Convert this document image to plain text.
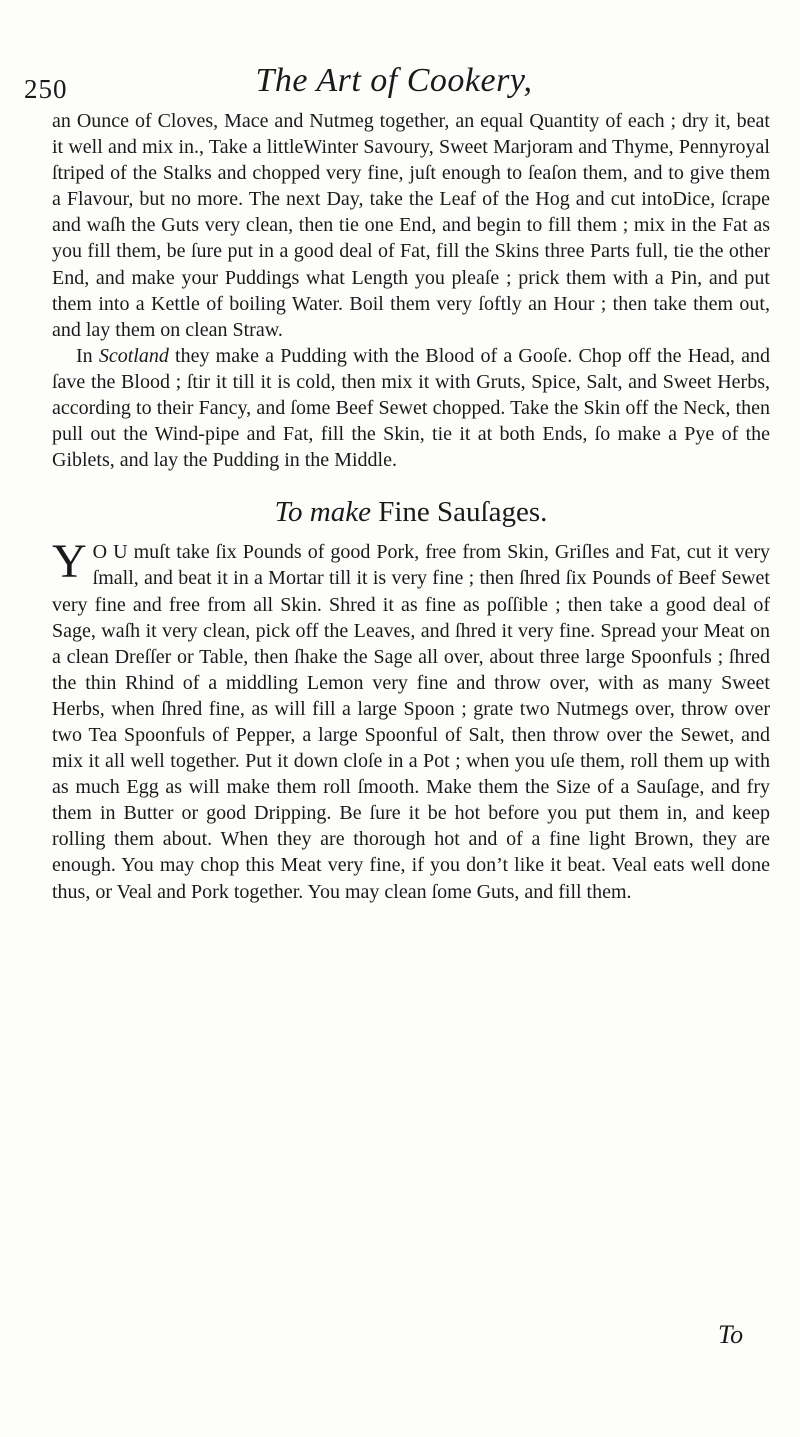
250	The Art of Cookery,

an Ounce of Cloves, Mace and Nutmeg together, an equal Quantity of each ; dry it, beat it well and mix in., Take a littleWinter Savoury, Sweet Marjoram and Thyme, Pennyroyal ſtriped of the Stalks and chopped very fine, juſt enough to ſeaſon them, and to give them a Flavour, but no more. The next Day, take the Leaf of the Hog and cut intoDice, ſcrape and waſh the Guts very clean, then tie one End, and begin to fill them ; mix in the Fat as you fill them, be ſure put in a good deal of Fat, fill the Skins three Parts full, tie the other End, and make your Puddings what Length you pleaſe ; prick them with a Pin, and put them into a Kettle of boiling Water. Boil them very ſoftly an Hour ; then take them out, and lay them on clean Straw.

In Scotland they make a Pudding with the Blood of a Gooſe. Chop off the Head, and ſave the Blood ; ſtir it till it is cold, then mix it with Gruts, Spice, Salt, and Sweet Herbs, according to their Fancy, and ſome Beef Sewet chopped. Take the Skin off the Neck, then pull out the Wind-pipe and Fat, fill the Skin, tie it at both Ends, ſo make a Pye of the Giblets, and lay the Pudding in the Middle.

To make Fine Sauſages.

Y O U muſt take ſix Pounds of good Pork, free from Skin, Griſles and Fat, cut it very ſmall, and beat it in a Mortar till it is very fine ; then ſhred ſix Pounds of Beef Sewet very fine and free from all Skin. Shred it as fine as poſſible ; then take a good deal of Sage, waſh it very clean, pick off the Leaves, and ſhred it very fine. Spread your Meat on a clean Dreſſer or Table, then ſhake the Sage all over, about three large Spoonfuls ; ſhred the thin Rhind of a middling Lemon very fine and throw over, with as many Sweet Herbs, when ſhred fine, as will fill a large Spoon ; grate two Nutmegs over, throw over two Tea Spoonfuls of Pepper, a large Spoonful of Salt, then throw over the Sewet, and mix it all well together. Put it down cloſe in a Pot ; when you uſe them, roll them up with as much Egg as will make them roll ſmooth. Make them the Size of a Sauſage, and fry them in Butter or good Dripping. Be ſure it be hot before you put them in, and keep rolling them about. When they are thorough hot and of a fine light Brown, they are enough. You may chop this Meat very fine, if you don’t like it beat. Veal eats well done thus, or Veal and Pork together. You may clean ſome Guts, and fill them.

To
